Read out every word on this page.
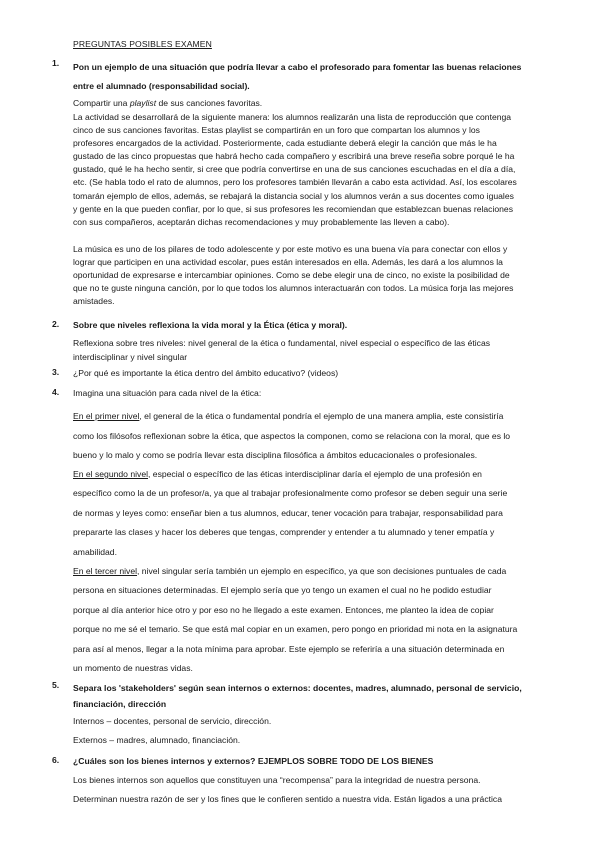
PREGUNTAS POSIBLES EXAMEN
1. Pon un ejemplo de una situación que podría llevar a cabo el profesorado para fomentar las buenas relaciones
entre el alumnado (responsabilidad social).
Compartir una playlist de sus canciones favoritas.
La actividad se desarrollará de la siguiente manera: los alumnos realizarán una lista de reproducción que contenga
cinco de sus canciones favoritas. Estas playlist se compartirán en un foro que compartan los alumnos y los
profesores encargados de la actividad. Posteriormente, cada estudiante deberá elegir la canción que más le ha
gustado de las cinco propuestas que habrá hecho cada compañero y escribirá una breve reseña sobre porqué le ha
gustado, qué le ha hecho sentir, si cree que podría convertirse en una de sus canciones escuchadas en el día a día,
etc. (Se habla todo el rato de alumnos, pero los profesores también llevarán a cabo esta actividad. Así, los escolares
tomarán ejemplo de ellos, además, se rebajará la distancia social y los alumnos verán a sus docentes como iguales
y gente en la que pueden confiar, por lo que, si sus profesores les recomiendan que establezcan buenas relaciones
con sus compañeros, aceptarán dichas recomendaciones y muy probablemente las lleven a cabo).
La música es uno de los pilares de todo adolescente y por este motivo es una buena vía para conectar con ellos y
lograr que participen en una actividad escolar, pues están interesados en ella. Además, les dará a los alumnos la
oportunidad de expresarse e intercambiar opiniones. Como se debe elegir una de cinco, no existe la posibilidad de
que no te guste ninguna canción, por lo que todos los alumnos interactuarán con todos. La música forja las mejores
amistades.
2. Sobre que niveles reflexiona la vida moral y la Ética (ética y moral).
Reflexiona sobre tres niveles: nivel general de la ética o fundamental, nivel especial o específico de las éticas
interdisciplinar y nivel singular
3. ¿Por qué es importante la ética dentro del ámbito educativo? (videos)
4. Imagina una situación para cada nivel de la ética:
En el primer nivel, el general de la ética o fundamental pondría el ejemplo de una manera amplia, este consistiría
como los filósofos reflexionan sobre la ética, que aspectos la componen, como se relaciona con la moral, que es lo
bueno y lo malo y como se podría llevar esta disciplina filosófica a ámbitos educacionales o profesionales.
En el segundo nivel, especial o específico de las éticas interdisciplinar daría el ejemplo de una profesión en
específico como la de un profesor/a, ya que al trabajar profesionalmente como profesor se deben seguir una serie
de normas y leyes como: enseñar bien a tus alumnos, educar, tener vocación para trabajar, responsabilidad para
prepararte las clases y hacer los deberes que tengas, comprender y entender a tu alumnado y tener empatía y
amabilidad.
En el tercer nivel, nivel singular sería también un ejemplo en específico, ya que son decisiones puntuales de cada
persona en situaciones determinadas. El ejemplo sería que yo tengo un examen el cual no he podido estudiar
porque al día anterior hice otro y por eso no he llegado a este examen. Entonces, me planteo la idea de copiar
porque no me sé el temario. Se que está mal copiar en un examen, pero pongo en prioridad mi nota en la asignatura
para así al menos, llegar a la nota mínima para aprobar. Este ejemplo se referiría a una situación determinada en
un momento de nuestras vidas.
5. Separa los 'stakeholders' según sean internos o externos: docentes, madres, alumnado, personal de servicio,
financiación, dirección
Internos – docentes, personal de servicio, dirección.
Externos – madres, alumnado, financiación.
6. ¿Cuáles son los bienes internos y externos? EJEMPLOS SOBRE TODO DE LOS BIENES
Los bienes internos son aquellos que constituyen una “recompensa” para la integridad de nuestra persona.
Determinan nuestra razón de ser y los fines que le confieren sentido a nuestra vida. Están ligados a una práctica
